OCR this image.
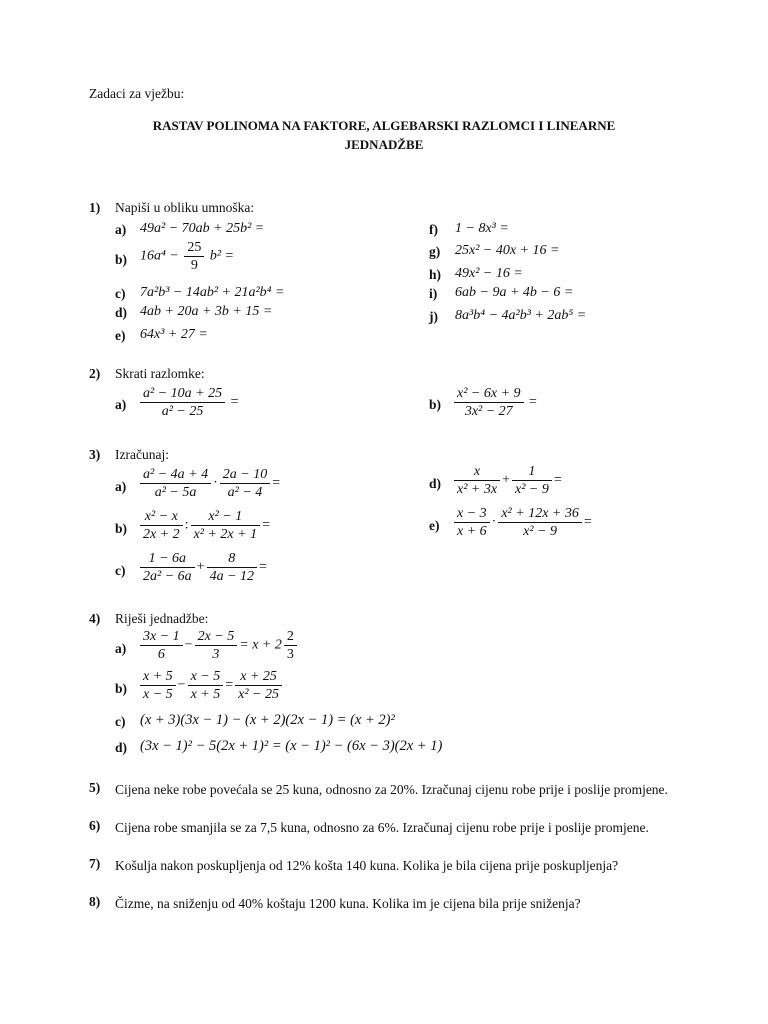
Zadaci za vježbu:
RASTAV POLINOMA NA FAKTORE, ALGEBARSKI RAZLOMCI I LINEARNE
JEDNADŽBE
1) Napiši u obliku umnoška:
a) 49a² − 70ab + 25b² =
b) $16a^4 - \frac{25}{9} b^2$ =
c) 7a²b³ − 14ab² + 21a²b⁴ =
d) 4ab + 20a + 3b + 15 =
e) 64x³ + 27 =
f) 1 − 8x³ =
g) 25x² − 40x + 16 =
h) 49x² − 16 =
i) 6ab − 9a + 4b − 6 =
j) 8a³b⁴ − 4a²b³ + 2ab⁵ =
2) Skrati razlomke:
$a) \frac{\text{a² − 10a + 25}}{\text{a² − 25}}$ =	$b) \frac{\text{x² − 6x + 9}}{\text{3x² − 27}}$ =
3) Izračunaj:
$a) \frac{\text{a² − 4a + 4}}{\text{a² − 5a}} \cdot \frac{2a - 10}{\text{a² − 4}}$ =
$b) \frac{\text{x² − x}}{2x + 2}$ : $\frac{\text{x² − 1}}{\text{x² + 2x + 1}}$ =
$c) \frac{1 - 6a}{\text{2a² − 6a}} + \frac{8}{4a - 12}$ =
$d) \frac{x}{\text{x² + 3x}} + \frac{1}{\text{x² − 9}}$ =
$e) \frac{x - 3}{x + 6} \cdot \frac{\text{x² + 12x + 36}}{\text{x² − 9}}$ =
4) Riješi jednadžbe:
$a) \frac{3x - 1}{6} - \frac{2x - 5}{3} = x + 2 \frac{2}{3}$
$b) \frac{x + 5}{x - 5} - \frac{x - 5}{x + 5} = \frac{x + 25}{\text{x² − 25}}$
c) (x + 3)(3x − 1) − (x + 2)(2x − 1) = (x + 2)²
d) (3x − 1)² − 5(2x + 1)² = (x − 1)² − (6x − 3)(2x + 1)
5) Cijena neke robe povećala se 25 kuna, odnosno za 20%. Izračunaj cijenu robe prije i poslije promjene.
6) Cijena robe smanjila se za 7,5 kuna, odnosno za 6%. Izračunaj cijenu robe prije i poslije promjene.
7) Košulja nakon poskupljenja od 12% košta 140 kuna. Kolika je bila cijena prije poskupljenja?
8) Čizme, na sniženju od 40% koštaju 1200 kuna. Kolika im je cijena bila prije sniženja?
